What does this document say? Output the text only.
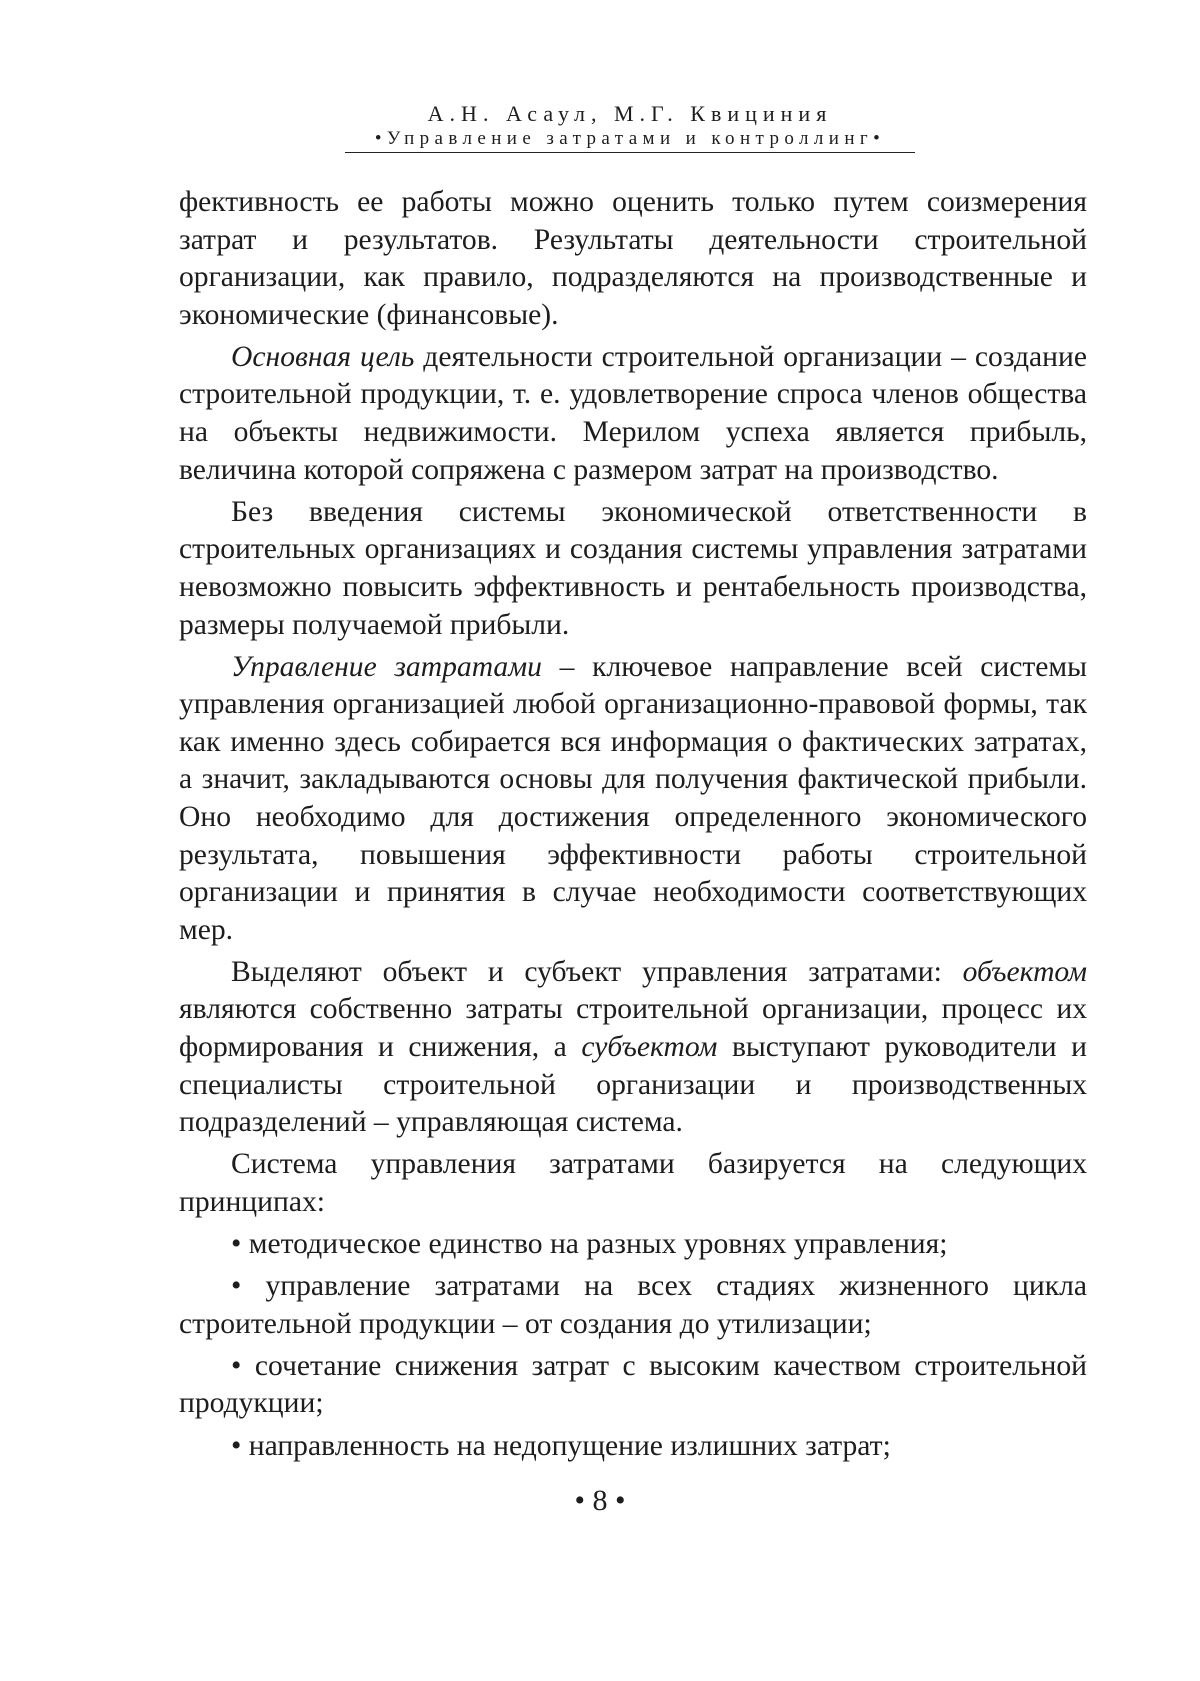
А.Н. Асаул, М.Г. Квициния
•Управление затратами и контроллинг•

фективность ее работы можно оценить только путем соизмерения затрат и результатов. Результаты деятельности строительной организации, как правило, подразделяются на производственные и экономические (финансовые).

Основная цель деятельности строительной организации – создание строительной продукции, т. е. удовлетворение спроса членов общества на объекты недвижимости. Мерилом успеха является прибыль, величина которой сопряжена с размером затрат на производство.

Без введения системы экономической ответственности в строительных организациях и создания системы управления затратами невозможно повысить эффективность и рентабельность производства, размеры получаемой прибыли.

Управление затратами – ключевое направление всей системы управления организацией любой организационно-правовой формы, так как именно здесь собирается вся информация о фактических затратах, а значит, закладываются основы для получения фактической прибыли. Оно необходимо для достижения определенного экономического результата, повышения эффективности работы строительной организации и принятия в случае необходимости соответствующих мер.

Выделяют объект и субъект управления затратами: объектом являются собственно затраты строительной организации, процесс их формирования и снижения, а субъектом выступают руководители и специалисты строительной организации и производственных подразделений – управляющая система.

Система управления затратами базируется на следующих принципах:

• методическое единство на разных уровнях управления;

• управление затратами на всех стадиях жизненного цикла строительной продукции – от создания до утилизации;

• сочетание снижения затрат с высоким качеством строительной продукции;

• направленность на недопущение излишних затрат;

• 8 •
